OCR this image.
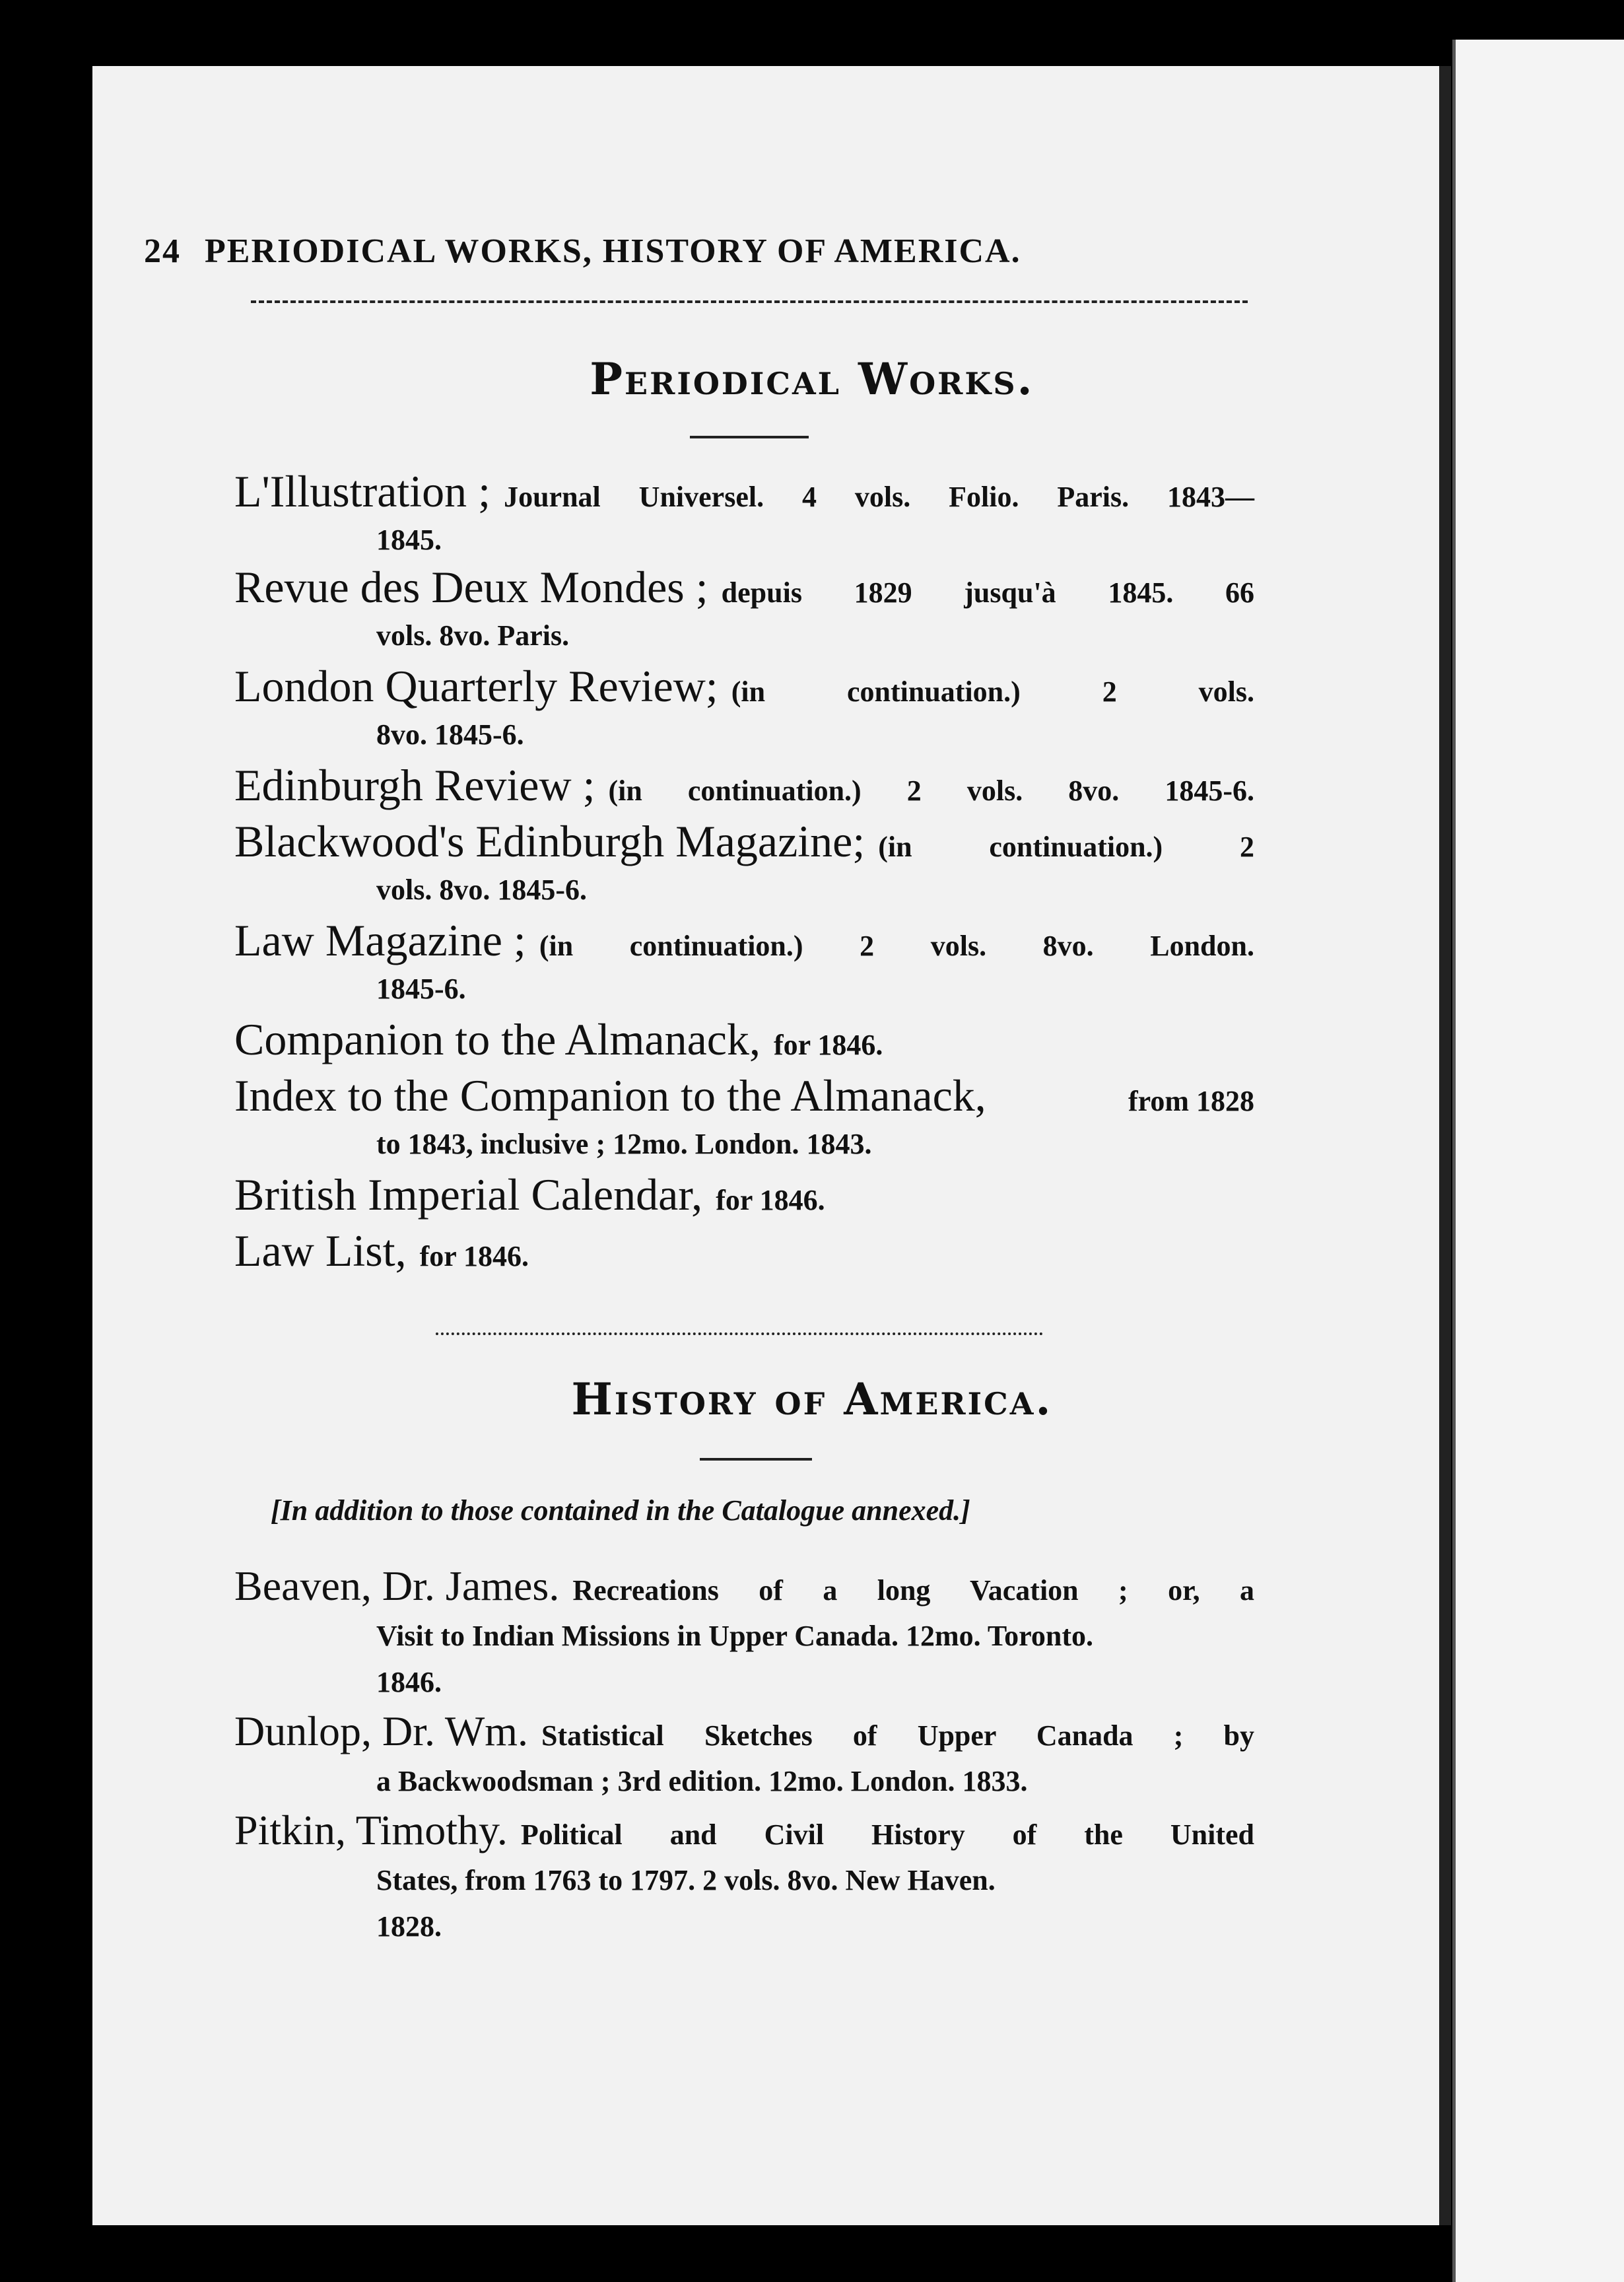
24 PERIODICAL WORKS, HISTORY OF AMERICA.
Periodical Works.
L'Illustration ; Journal Universel. 4 vols. Folio. Paris. 1843—
1845.
Revue des Deux Mondes ; depuis 1829 jusqu'à 1845. 66
vols. 8vo. Paris.
London Quarterly Review; (in continuation.) 2 vols.
8vo. 1845-6.
Edinburgh Review ; (in continuation.) 2 vols. 8vo. 1845-6.
Blackwood's Edinburgh Magazine; (in continuation.) 2
vols. 8vo. 1845-6.
Law Magazine ; (in continuation.) 2 vols. 8vo. London.
1845-6.
Companion to the Almanack, for 1846.
Index to the Companion to the Almanack,	from 1828
to 1843, inclusive ; 12mo. London. 1843.
British Imperial Calendar, for 1846.
Law List, for 1846.
History of America.
[In addition to those contained in the Catalogue annexed.]
Beaven, Dr. James. Recreations of a long Vacation ; or, a
Visit to Indian Missions in Upper Canada. 12mo. Toronto.
1846.
Dunlop, Dr. Wm. Statistical Sketches of Upper Canada ; by
a Backwoodsman ; 3rd edition. 12mo. London. 1833.
Pitkin, Timothy. Political and Civil History of the United
States, from 1763 to 1797. 2 vols. 8vo. New Haven.
1828.
